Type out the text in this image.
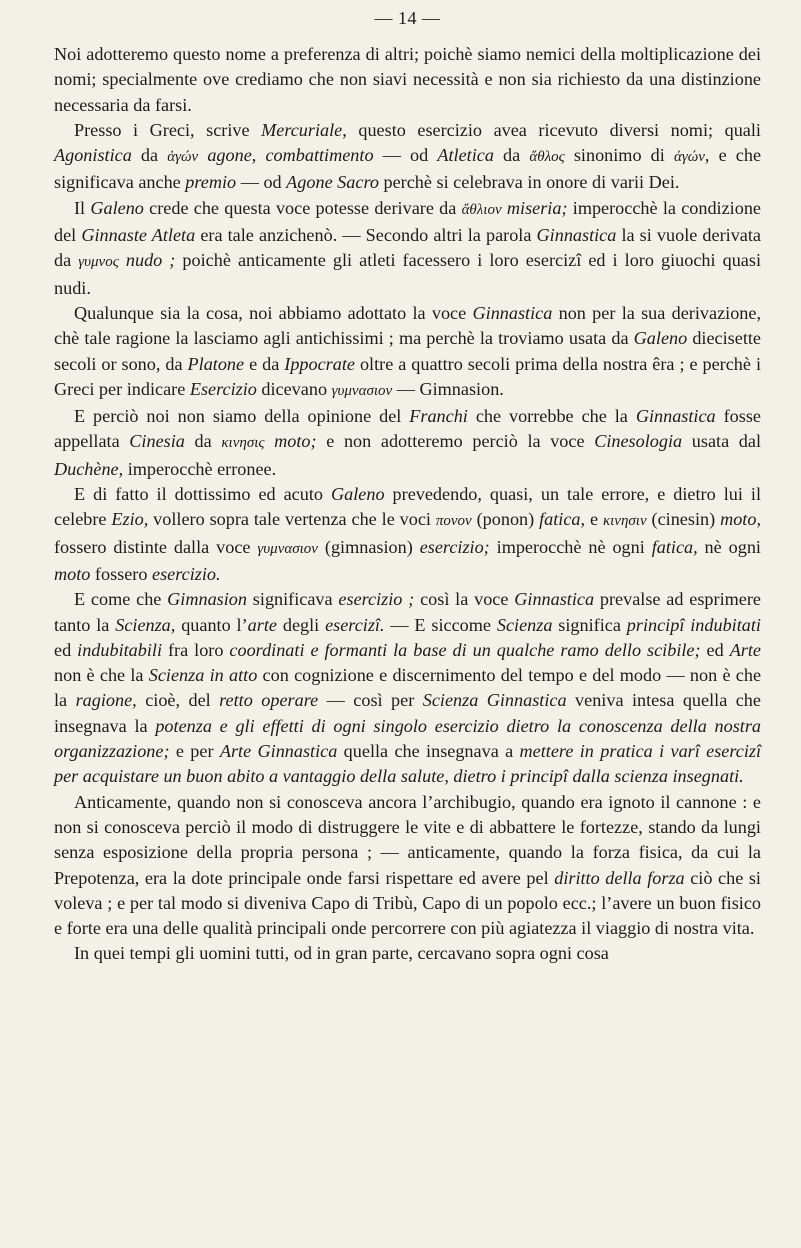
— 14 —

Noi adotteremo questo nome a preferenza di altri; poichè siamo nemici della moltiplicazione dei nomi; specialmente ove crediamo che non siavi necessità e non sia richiesto da una distinzione necessaria da farsi.

Presso i Greci, scrive Mercuriale, questo esercizio avea ricevuto diversi nomi; quali Agonistica da ἀγών agone, combattimento — od Atletica da ἄθλος sinonimo di ἀγών, e che significava anche premio — od Agone Sacro perchè si celebrava in onore di varii Dei.

Il Galeno crede che questa voce potesse derivare da ἄθλιον miseria; imperocchè la condizione del Ginnaste Atleta era tale anzichenò. — Secondo altri la parola Ginnastica la si vuole derivata da γυμνος nudo ; poichè anticamente gli atleti facessero i loro esercizî ed i loro giuochi quasi nudi.

Qualunque sia la cosa, noi abbiamo adottato la voce Ginnastica non per la sua derivazione, chè tale ragione la lasciamo agli antichissimi ; ma perchè la troviamo usata da Galeno diecisette secoli or sono, da Platone e da Ippocrate oltre a quattro secoli prima della nostra êra ; e perchè i Greci per indicare Esercizio dicevano γυμνασιον — Gimnasion.

E perciò noi non siamo della opinione del Franchi che vorrebbe che la Ginnastica fosse appellata Cinesia da κινησις moto; e non adotteremo perciò la voce Cinesologia usata dal Duchène, imperocchè erronee.

E di fatto il dottissimo ed acuto Galeno prevedendo, quasi, un tale errore, e dietro lui il celebre Ezio, vollero sopra tale vertenza che le voci πονον (ponon) fatica, e κινησιν (cinesin) moto, fossero distinte dalla voce γυμνασιον (gimnasion) esercizio; imperocchè nè ogni fatica, nè ogni moto fossero esercizio.

E come che Gimnasion significava esercizio ; così la voce Ginnastica prevalse ad esprimere tanto la Scienza, quanto l’arte degli esercizî. — E siccome Scienza significa principî indubitati ed indubitabili fra loro coordinati e formanti la base di un qualche ramo dello scibile; ed Arte non è che la Scienza in atto con cognizione e discernimento del tempo e del modo — non è che la ragione, cioè, del retto operare — così per Scienza Ginnastica veniva intesa quella che insegnava la potenza e gli effetti di ogni singolo esercizio dietro la conoscenza della nostra organizzazione; e per Arte Ginnastica quella che insegnava a mettere in pratica i varî esercizî per acquistare un buon abito a vantaggio della salute, dietro i principî dalla scienza insegnati.

Anticamente, quando non si conosceva ancora l’archibugio, quando era ignoto il cannone : e non si conosceva perciò il modo di distruggere le vite e di abbattere le fortezze, stando da lungi senza esposizione della propria persona ; — anticamente, quando la forza fisica, da cui la Prepotenza, era la dote principale onde farsi rispettare ed avere pel diritto della forza ciò che si voleva ; e per tal modo si diveniva Capo di Tribù, Capo di un popolo ecc.; l’avere un buon fisico e forte era una delle qualità principali onde percorrere con più agiatezza il viaggio di nostra vita.

In quei tempi gli uomini tutti, od in gran parte, cercavano sopra ogni cosa
